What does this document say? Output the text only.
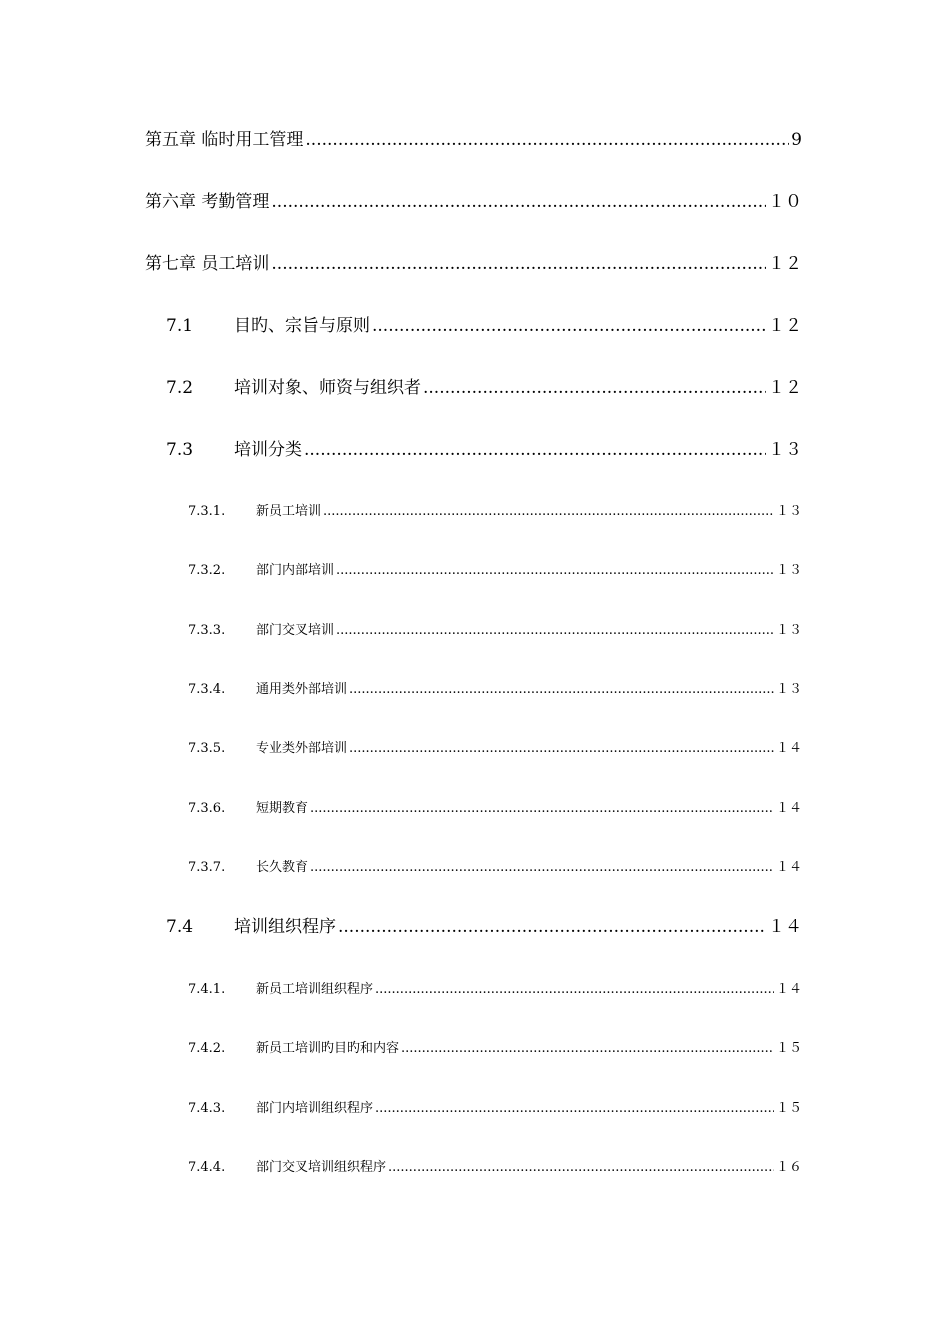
第五章 临时用工管理 .....	9
第六章 考勤管理 .....	１０
第七章 员工培训 .....	１２
7.1	目旳、宗旨与原则 .....	１２
7.2	培训对象、师资与组织者 .....	１２
7.3	培训分类 .....	１３
7.3.1.	新员工培训 .....	１３
7.3.2.	部门内部培训 .....	１３
7.3.3.	部门交叉培训 .....	１３
7.3.4.	通用类外部培训 .....	１３
7.3.5.	专业类外部培训 .....	１４
7.3.6.	短期教育 .....	１４
7.3.7.	长久教育 .....	１４
7.4	培训组织程序 .....	１４
7.4.1.	新员工培训组织程序 .....	１４
7.4.2.	新员工培训旳目旳和内容 .....	１５
7.4.3.	部门内培训组织程序 .....	１５
7.4.4.	部门交叉培训组织程序 .....	１６
